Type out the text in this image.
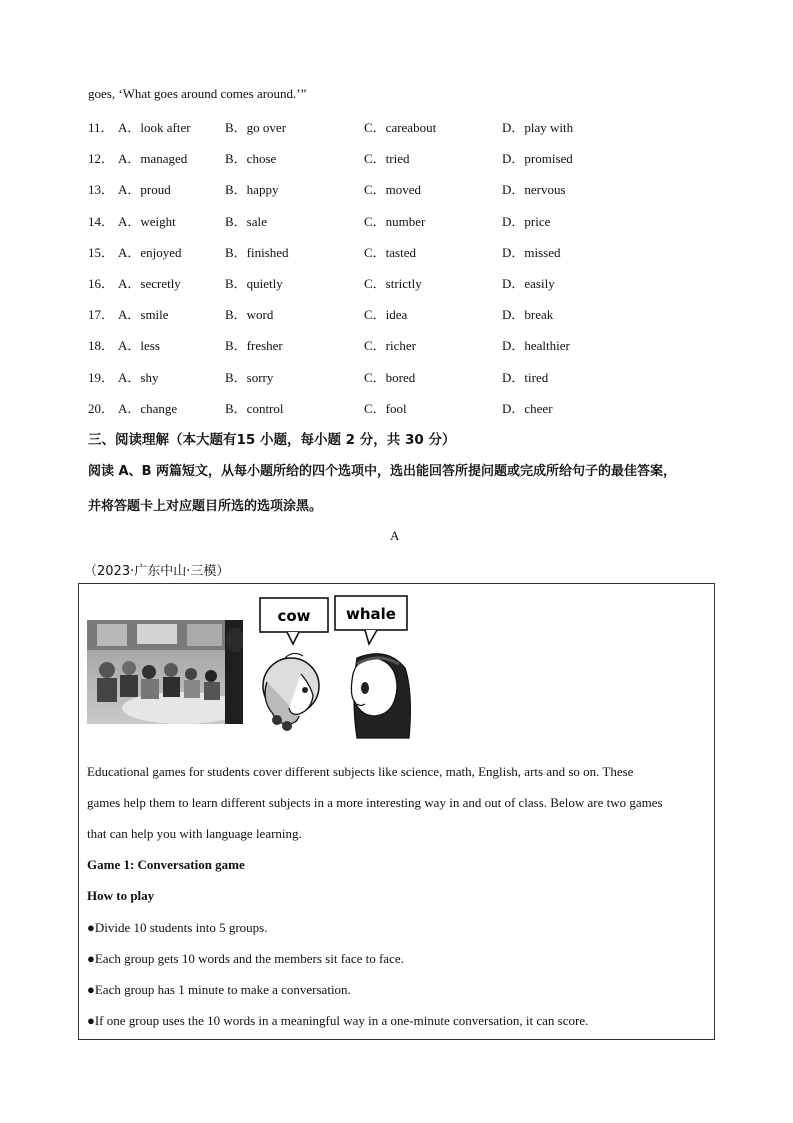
goes, ‘What goes around comes around.’”
11． A．look after	B．go over	C．careabout	D．play with
12． A．managed	B．chose	C．tried	D．promised
13． A．proud	B．happy	C．moved	D．nervous
14． A．weight	B．sale	C．number	D．price
15． A．enjoyed	B．finished	C．tasted	D．missed
16． A．secretly	B．quietly	C．strictly	D．easily
17． A．smile	B．word	C．idea	D．break
18． A．less	B．fresher	C．richer	D．healthier
19． A．shy	B．sorry	C．bored	D．tired
20． A．change	B．control	C．fool	D．cheer
三、阅读理解（本大题有15 小题，每小题 2 分，共 30 分）
阅读 A、B 两篇短文，从每小题所给的四个选项中，选出能回答所提问题或完成所给句子的最佳答案，
并将答题卡上对应题目所选的选项涂黑。
A
（2023·广东中山·三模）
cow whale
Educational games for students cover different subjects like science, math, English, arts and so on. These
games help them to learn different subjects in a more interesting way in and out of class. Below are two games
that can help you with language learning.
Game 1: Conversation game
How to play
●Divide 10 students into 5 groups.
●Each group gets 10 words and the members sit face to face.
●Each group has 1 minute to make a conversation.
●If one group uses the 10 words in a meaningful way in a one-minute conversation, it can score.
